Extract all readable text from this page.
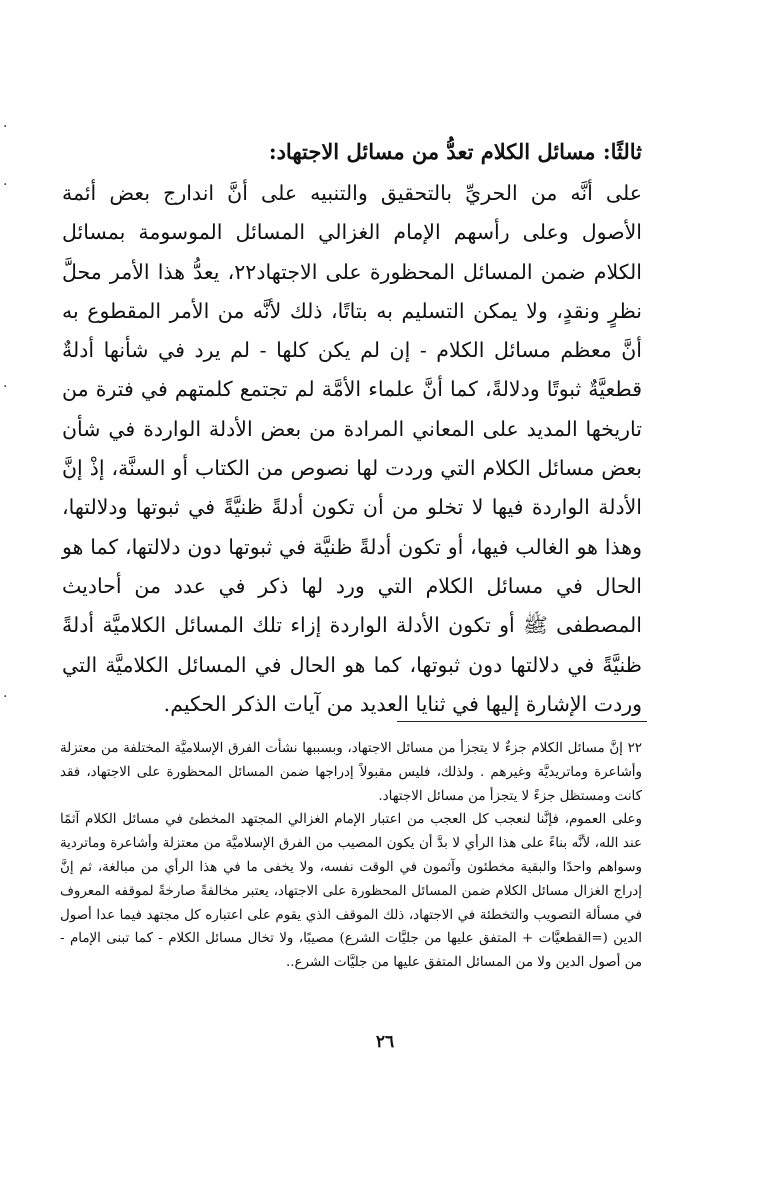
·
·
·
·
ثالثًا: مسائل الكلام تعدُّ من مسائل الاجتهاد:

على أنَّه من الحريِّ بالتحقيق والتنبيه على أنَّ اندارج بعض أئمة الأصول وعلى رأسهم الإمام الغزالي المسائل الموسومة بمسائل الكلام ضمن المسائل المحظورة على الاجتهاد٢٢، يعدُّ هذا الأمر محلَّ نظرٍ ونقدٍ، ولا يمكن التسليم به بتاتًا، ذلك لأنَّه من الأمر المقطوع به أنَّ معظم مسائل الكلام - إن لم يكن كلها - لم يرد في شأنها أدلةٌ قطعيَّةٌ ثبوتًا ودلالةً، كما أنَّ علماء الأمَّة لم تجتمع كلمتهم في فترة من تاريخها المديد على المعاني المرادة من بعض الأدلة الواردة في شأن بعض مسائل الكلام التي وردت لها نصوص من الكتاب أو السنَّة، إذْ إنَّ الأدلة الواردة فيها لا تخلو من أن تكون أدلةً ظنيَّةً في ثبوتها ودلالتها، وهذا هو الغالب فيها، أو تكون أدلةً ظنيَّة في ثبوتها دون دلالتها، كما هو الحال في مسائل الكلام التي ورد لها ذكر في عدد من أحاديث المصطفى ﷺ أو تكون الأدلة الواردة إزاء تلك المسائل الكلاميَّة أدلةً ظنيَّةً في دلالتها دون ثبوتها، كما هو الحال في المسائل الكلاميَّة التي وردت الإشارة إليها في ثنايا العديد من آيات الذكر الحكيم.

٢٢ إنَّ مسائل الكلام جزءٌ لا يتجزأ من مسائل الاجتهاد، وبسببها نشأت الفرق الإسلاميَّة المختلفة من معتزلة وأشاعرة وماتريديَّة وغيرهم . ولذلك، فليس مقبولاً إدراجها ضمن المسائل المحظورة على الاجتهاد، فقد كانت ومستظل جزءً لا يتجزأ من مسائل الاجتهاد.

وعلى العموم، فإنَّنا لنعجب كل العجب من اعتبار الإمام الغزالي المجتهد المخطئ في مسائل الكلام آثمًا عند الله، لأنَّه بناءً على هذا الرأي لا بدَّ أن يكون المصيب من الفرق الإسلاميَّة من معتزلة وأشاعرة وماتردية وسواهم واحدًا والبقية مخطئون وآثمون في الوقت نفسه، ولا يخفى ما في هذا الرأي من مبالغة، ثم إنَّ إدراج الغزال مسائل الكلام ضمن المسائل المحظورة على الاجتهاد، يعتبر مخالفةً صارخةً لموقفه المعروف في مسألة التصويب والتخطئة في الاجتهاد، ذلك الموقف الذي يقوم على اعتباره كل مجتهد فيما عدا أصول الدين (=القطعيَّات + المتفق عليها من جليَّات الشرع) مصيبًا، ولا تخال مسائل الكلام - كما تبنى الإمام - من أصول الدين ولا من المسائل المتفق عليها من جليَّات الشرع..

٢٦
